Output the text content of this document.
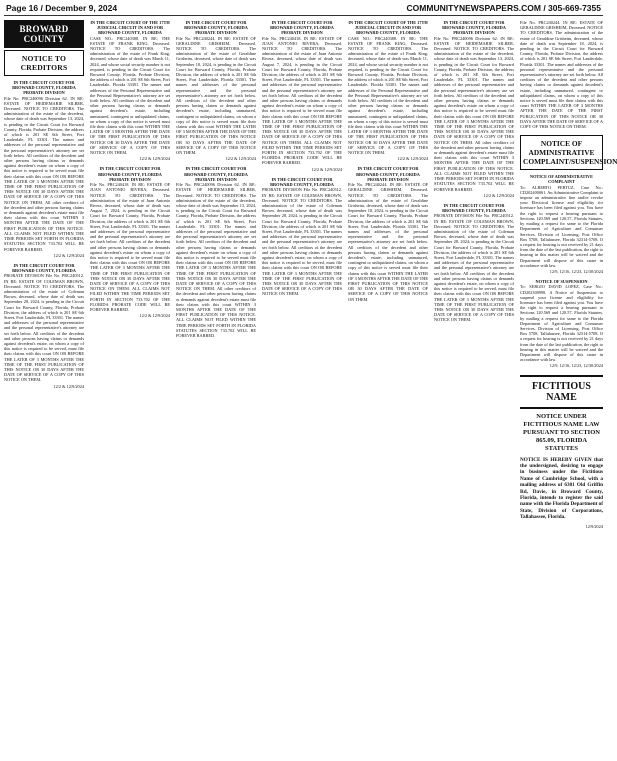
Page 16 / December 9, 2024	COMMUNITYNEWSPAPERS.COM / 305-669-7355
BROWARD COUNTY
NOTICE TO CREDITORS
IN THE CIRCUIT COURT FOR BROWARD COUNTY, FLORIDA PROBATE DIVISION
File No. PRC240096 Division 62. IN RE: ESTATE OF HEIDEMARIE SILBER, Deceased. NOTICE TO CREDITORS. The administration of the estate of the decedent, whose date of death was September 13, 2024, is pending in the Circuit Court for Broward County, Florida, Probate Division, the address of which is 201 SE 6th Street, Fort Lauderdale, FL 33301. The names and addresses of the personal representative and the personal representative's attorney are set forth below. All creditors of the decedent and other persons having claims or demands against decedent's estate on whom a copy of this notice is required to be served must file their claims with this court ON OR BEFORE THE LATER OF 3 MONTHS AFTER THE TIME OF THE FIRST PUBLICATION OF THIS NOTICE OR 30 DAYS AFTER THE DATE OF SERVICE OF A COPY OF THIS NOTICE ON THEM. All other creditors of the decedent and other persons having claims or demands against decedent's estate must file their claims with this court WITHIN 3 MONTHS AFTER THE DATE OF THE FIRST PUBLICATION OF THIS NOTICE. ALL CLAIMS NOT FILED WITHIN THE TIME PERIODS SET FORTH IN FLORIDA STATUTES SECTION 733.702 WILL BE FOREVER BARRED.
12/2 & 12/9/2024
IN THE CIRCUIT COURT FOR BROWARD COUNTY, FLORIDA
PROBATE DIVISION File No. PRC240512. IN RE: ESTATE OF COLEMAN BROWN, Deceased. NOTICE TO CREDITORS. The administration of the estate of Coleman Brown, deceased, whose date of death was September 28, 2024, is pending in the Circuit Court for Broward County, Florida, Probate Division, the address of which is 201 SE 6th Street, Fort Lauderdale, FL 33301. The names and addresses of the personal representative and the personal representative's attorney are set forth below. All creditors of the decedent and other persons having claims or demands against decedent's estate, on whom a copy of this notice is required to be served, must file their claims with this court ON OR BEFORE THE LATER OF 3 MONTHS AFTER THE TIME OF THE FIRST PUBLICATION OF THIS NOTICE OR 30 DAYS AFTER THE DATE OF SERVICE OF A COPY OF THIS NOTICE ON THEM.
12/2 & 12/9/2024
IN THE CIRCUIT COURT OF THE 17TH JUDICIAL CIRCUIT IN AND FOR BROWARD COUNTY, FLORIDA
CASE NO.: PRC240388. IN RE: THE ESTATE OF FRANK KING, Deceased. NOTICE TO CREDITORS. The administration of the estate of Frank King, deceased, whose date of death was March 11, 2024, and whose social security number is not required, is pending in the Circuit Court for Broward County, Florida, Probate Division, the address of which is 201 SE 6th Street, Fort Lauderdale, Florida 33301. The names and addresses of the Personal Representative and the Personal Representative's attorney are set forth below. All creditors of the decedent and other persons having claims or demands against decedent's estate, including unmatured, contingent or unliquidated claims, on whom a copy of this notice is served must file their claims with this court WITHIN THE LATER OF 3 MONTHS AFTER THE DATE OF THE FIRST PUBLICATION OF THIS NOTICE OR 30 DAYS AFTER THE DATE OF SERVICE OF A COPY OF THIS NOTICE ON THEM.
12/2 & 12/9/2024
IN THE CIRCUIT COURT FOR BROWARD COUNTY, FLORIDA PROBATE DIVISION
File No. PRC240418. IN RE: ESTATE OF JUAN ANTONIO RIVERA, Deceased. NOTICE TO CREDITORS. The administration of the estate of Juan Antonio Rivera, deceased, whose date of death was August 7, 2024, is pending in the Circuit Court for Broward County, Florida, Probate Division, the address of which is 201 SE 6th Street, Fort Lauderdale, FL 33301. The names and addresses of the personal representative and the personal representative's attorney are set forth below. All creditors of the decedent and other persons having claims or demands against decedent's estate on whom a copy of this notice is required to be served must file their claims with this court ON OR BEFORE THE LATER OF 3 MONTHS AFTER THE TIME OF THE FIRST PUBLICATION OF THIS NOTICE OR 30 DAYS AFTER THE DATE OF SERVICE OF A COPY OF THIS NOTICE ON THEM. ALL CLAIMS NOT FILED WITHIN THE TIME PERIODS SET FORTH IN SECTION 733.702 OF THE FLORIDA PROBATE CODE WILL BE FOREVER BARRED.
12/2 & 12/9/2024
IN THE CIRCUIT COURT FOR BROWARD COUNTY, FLORIDA PROBATE DIVISION
File No. PRC240244. IN RE: ESTATE OF GERALDINE GRISHEIM, Deceased. NOTICE TO CREDITORS. The administration of the estate of Geraldine Grisheim, deceased, whose date of death was September 18, 2024, is pending in the Circuit Court for Broward County, Florida, Probate Division, the address of which is 201 SE 6th Street, Fort Lauderdale, Florida 33301. The names and addresses of the personal representative and the personal representative's attorney are set forth below. All creditors of the decedent and other persons having claims or demands against decedent's estate, including unmatured, contingent or unliquidated claims, on whom a copy of this notice is served must file their claims with this court WITHIN THE LATER OF 3 MONTHS AFTER THE DATE OF THE FIRST PUBLICATION OF THIS NOTICE OR 30 DAYS AFTER THE DATE OF SERVICE OF A COPY OF THIS NOTICE ON THEM.
12/2 & 12/9/2024
IN THE CIRCUIT COURT FOR BROWARD COUNTY, FLORIDA PROBATE DIVISION
File No. PRC240096 Division 62. IN RE: ESTATE OF HEIDEMARIE SILBER, Deceased. NOTICE TO CREDITORS. The administration of the estate of the decedent, whose date of death was September 13, 2024, is pending in the Circuit Court for Broward County, Florida, Probate Division, the address of which is 201 SE 6th Street, Fort Lauderdale, FL 33301. The names and addresses of the personal representative and the personal representative's attorney are set forth below. All creditors of the decedent and other persons having claims or demands against decedent's estate on whom a copy of this notice is required to be served must file their claims with this court ON OR BEFORE THE LATER OF 3 MONTHS AFTER THE TIME OF THE FIRST PUBLICATION OF THIS NOTICE OR 30 DAYS AFTER THE DATE OF SERVICE OF A COPY OF THIS NOTICE ON THEM. All other creditors of the decedent and other persons having claims or demands against decedent's estate must file their claims with this court WITHIN 3 MONTHS AFTER THE DATE OF THE FIRST PUBLICATION OF THIS NOTICE. ALL CLAIMS NOT FILED WITHIN THE TIME PERIODS SET FORTH IN FLORIDA STATUTES SECTION 733.702 WILL BE FOREVER BARRED.
IN THE CIRCUIT COURT FOR BROWARD COUNTY, FLORIDA PROBATE DIVISION
File No. PRC240418. IN RE: ESTATE OF JUAN ANTONIO RIVERA, Deceased. NOTICE TO CREDITORS. The administration of the estate of Juan Antonio Rivera, deceased, whose date of death was August 7, 2024, is pending in the Circuit Court for Broward County, Florida, Probate Division, the address of which is 201 SE 6th Street, Fort Lauderdale, FL 33301. The names and addresses of the personal representative and the personal representative's attorney are set forth below. All creditors of the decedent and other persons having claims or demands against decedent's estate on whom a copy of this notice is required to be served must file their claims with this court ON OR BEFORE THE LATER OF 3 MONTHS AFTER THE TIME OF THE FIRST PUBLICATION OF THIS NOTICE OR 30 DAYS AFTER THE DATE OF SERVICE OF A COPY OF THIS NOTICE ON THEM. ALL CLAIMS NOT FILED WITHIN THE TIME PERIODS SET FORTH IN SECTION 733.702 OF THE FLORIDA PROBATE CODE WILL BE FOREVER BARRED.
12/2 & 12/9/2024
IN THE CIRCUIT COURT FOR BROWARD COUNTY, FLORIDA
PROBATE DIVISION File No. PRC240512. IN RE: ESTATE OF COLEMAN BROWN, Deceased. NOTICE TO CREDITORS. The administration of the estate of Coleman Brown, deceased, whose date of death was September 28, 2024, is pending in the Circuit Court for Broward County, Florida, Probate Division, the address of which is 201 SE 6th Street, Fort Lauderdale, FL 33301. The names and addresses of the personal representative and the personal representative's attorney are set forth below. All creditors of the decedent and other persons having claims or demands against decedent's estate, on whom a copy of this notice is required to be served, must file their claims with this court ON OR BEFORE THE LATER OF 3 MONTHS AFTER THE TIME OF THE FIRST PUBLICATION OF THIS NOTICE OR 30 DAYS AFTER THE DATE OF SERVICE OF A COPY OF THIS NOTICE ON THEM.
IN THE CIRCUIT COURT OF THE 17TH JUDICIAL CIRCUIT IN AND FOR BROWARD COUNTY, FLORIDA
CASE NO.: PRC240388. IN RE: THE ESTATE OF FRANK KING, Deceased. NOTICE TO CREDITORS. The administration of the estate of Frank King, deceased, whose date of death was March 11, 2024, and whose social security number is not required, is pending in the Circuit Court for Broward County, Florida, Probate Division, the address of which is 201 SE 6th Street, Fort Lauderdale, Florida 33301. The names and addresses of the Personal Representative and the Personal Representative's attorney are set forth below. All creditors of the decedent and other persons having claims or demands against decedent's estate, including unmatured, contingent or unliquidated claims, on whom a copy of this notice is served must file their claims with this court WITHIN THE LATER OF 3 MONTHS AFTER THE DATE OF THE FIRST PUBLICATION OF THIS NOTICE OR 30 DAYS AFTER THE DATE OF SERVICE OF A COPY OF THIS NOTICE ON THEM.
12/2 & 12/9/2024
IN THE CIRCUIT COURT FOR BROWARD COUNTY, FLORIDA PROBATE DIVISION
File No. PRC240244. IN RE: ESTATE OF GERALDINE GRISHEIM, Deceased. NOTICE TO CREDITORS. The administration of the estate of Geraldine Grisheim, deceased, whose date of death was September 18, 2024, is pending in the Circuit Court for Broward County, Florida, Probate Division, the address of which is 201 SE 6th Street, Fort Lauderdale, Florida 33301. The names and addresses of the personal representative and the personal representative's attorney are set forth below. All creditors of the decedent and other persons having claims or demands against decedent's estate, including unmatured, contingent or unliquidated claims, on whom a copy of this notice is served must file their claims with this court WITHIN THE LATER OF 3 MONTHS AFTER THE DATE OF THE FIRST PUBLICATION OF THIS NOTICE OR 30 DAYS AFTER THE DATE OF SERVICE OF A COPY OF THIS NOTICE ON THEM.
IN THE CIRCUIT COURT FOR BROWARD COUNTY, FLORIDA PROBATE DIVISION
File No. PRC240096 Division 62. IN RE: ESTATE OF HEIDEMARIE SILBER, Deceased. NOTICE TO CREDITORS. The administration of the estate of the decedent, whose date of death was September 13, 2024, is pending in the Circuit Court for Broward County, Florida, Probate Division, the address of which is 201 SE 6th Street, Fort Lauderdale, FL 33301. The names and addresses of the personal representative and the personal representative's attorney are set forth below. All creditors of the decedent and other persons having claims or demands against decedent's estate on whom a copy of this notice is required to be served must file their claims with this court ON OR BEFORE THE LATER OF 3 MONTHS AFTER THE TIME OF THE FIRST PUBLICATION OF THIS NOTICE OR 30 DAYS AFTER THE DATE OF SERVICE OF A COPY OF THIS NOTICE ON THEM. All other creditors of the decedent and other persons having claims or demands against decedent's estate must file their claims with this court WITHIN 3 MONTHS AFTER THE DATE OF THE FIRST PUBLICATION OF THIS NOTICE. ALL CLAIMS NOT FILED WITHIN THE TIME PERIODS SET FORTH IN FLORIDA STATUTES SECTION 733.702 WILL BE FOREVER BARRED.
12/2 & 12/9/2024
IN THE CIRCUIT COURT FOR BROWARD COUNTY, FLORIDA
PROBATE DIVISION File No. PRC240512. IN RE: ESTATE OF COLEMAN BROWN, Deceased. NOTICE TO CREDITORS. The administration of the estate of Coleman Brown, deceased, whose date of death was September 28, 2024, is pending in the Circuit Court for Broward County, Florida, Probate Division, the address of which is 201 SE 6th Street, Fort Lauderdale, FL 33301. The names and addresses of the personal representative and the personal representative's attorney are set forth below. All creditors of the decedent and other persons having claims or demands against decedent's estate, on whom a copy of this notice is required to be served, must file their claims with this court ON OR BEFORE THE LATER OF 3 MONTHS AFTER THE TIME OF THE FIRST PUBLICATION OF THIS NOTICE OR 30 DAYS AFTER THE DATE OF SERVICE OF A COPY OF THIS NOTICE ON THEM.
File No. PRC240244. IN RE: ESTATE OF GERALDINE GRISHEIM, Deceased. NOTICE TO CREDITORS. The administration of the estate of Geraldine Grisheim, deceased, whose date of death was September 18, 2024, is pending in the Circuit Court for Broward County, Florida, Probate Division, the address of which is 201 SE 6th Street, Fort Lauderdale, Florida 33301. The names and addresses of the personal representative and the personal representative's attorney are set forth below. All creditors of the decedent and other persons having claims or demands against decedent's estate, including unmatured, contingent or unliquidated claims, on whom a copy of this notice is served must file their claims with this court WITHIN THE LATER OF 3 MONTHS AFTER THE DATE OF THE FIRST PUBLICATION OF THIS NOTICE OR 30 DAYS AFTER THE DATE OF SERVICE OF A COPY OF THIS NOTICE ON THEM.
NOTICE OF ADMINISTRATIVE COMPLAINT/SUSPENSION
NOTICE OF ADMINISTRATIVE COMPLAINT
To: ALBERTO PERTUZ, Case No.: CD202400061. An Administrative Complaint to impose an administrative fine and/or revoke your Electrical license and eligibility for licensure has been filed against you. You have the right to request a hearing pursuant to Sections 120.569 and 120.57, Florida Statutes, by mailing a request for same to the Florida Department of Agriculture and Consumer Services, Division of Licensing, Post Office Box 5708, Tallahassee, Florida 32314-5708. If a request for hearing is not received by 21 days from the date of the last publication, the right to hearing in this matter will be waived and the Department will dispose of this cause in accordance with law.
12/9, 12/16, 12/23, 12/30/2024
NOTICE OF SUSPENSION
To: SERGIO DAVID LOPEZ, Case No.: CD202300998. A Notice of Suspension to suspend your license and eligibility for licensure has been filed against you. You have the right to request a hearing pursuant to Sections 120.569 and 120.57, Florida Statutes, by mailing a request for same to the Florida Department of Agriculture and Consumer Services, Division of Licensing, Post Office Box 5708, Tallahassee, Florida 32314-5708. If a request for hearing is not received by 21 days from the date of the last publication, the right to hearing in this matter will be waived and the Department will dispose of this cause in accordance with law.
12/9, 12/16, 12/23, 12/30/2024
FICTITIOUS NAME
NOTICE UNDER FICTITIOUS NAME LAW PURSUANT TO SECTION 865.09, FLORIDA STATUTES
NOTICE IS HEREBY GIVEN that the undersigned, desiring to engage in business under the Fictitious Name of Cambridge School, with a mailing address of 6301 Old Griffin Rd, Davie, in Broward County, Florida, intends to register the said name with the Florida Department of State, Division of Corporations, Tallahassee, Florida.
12/9/2024
